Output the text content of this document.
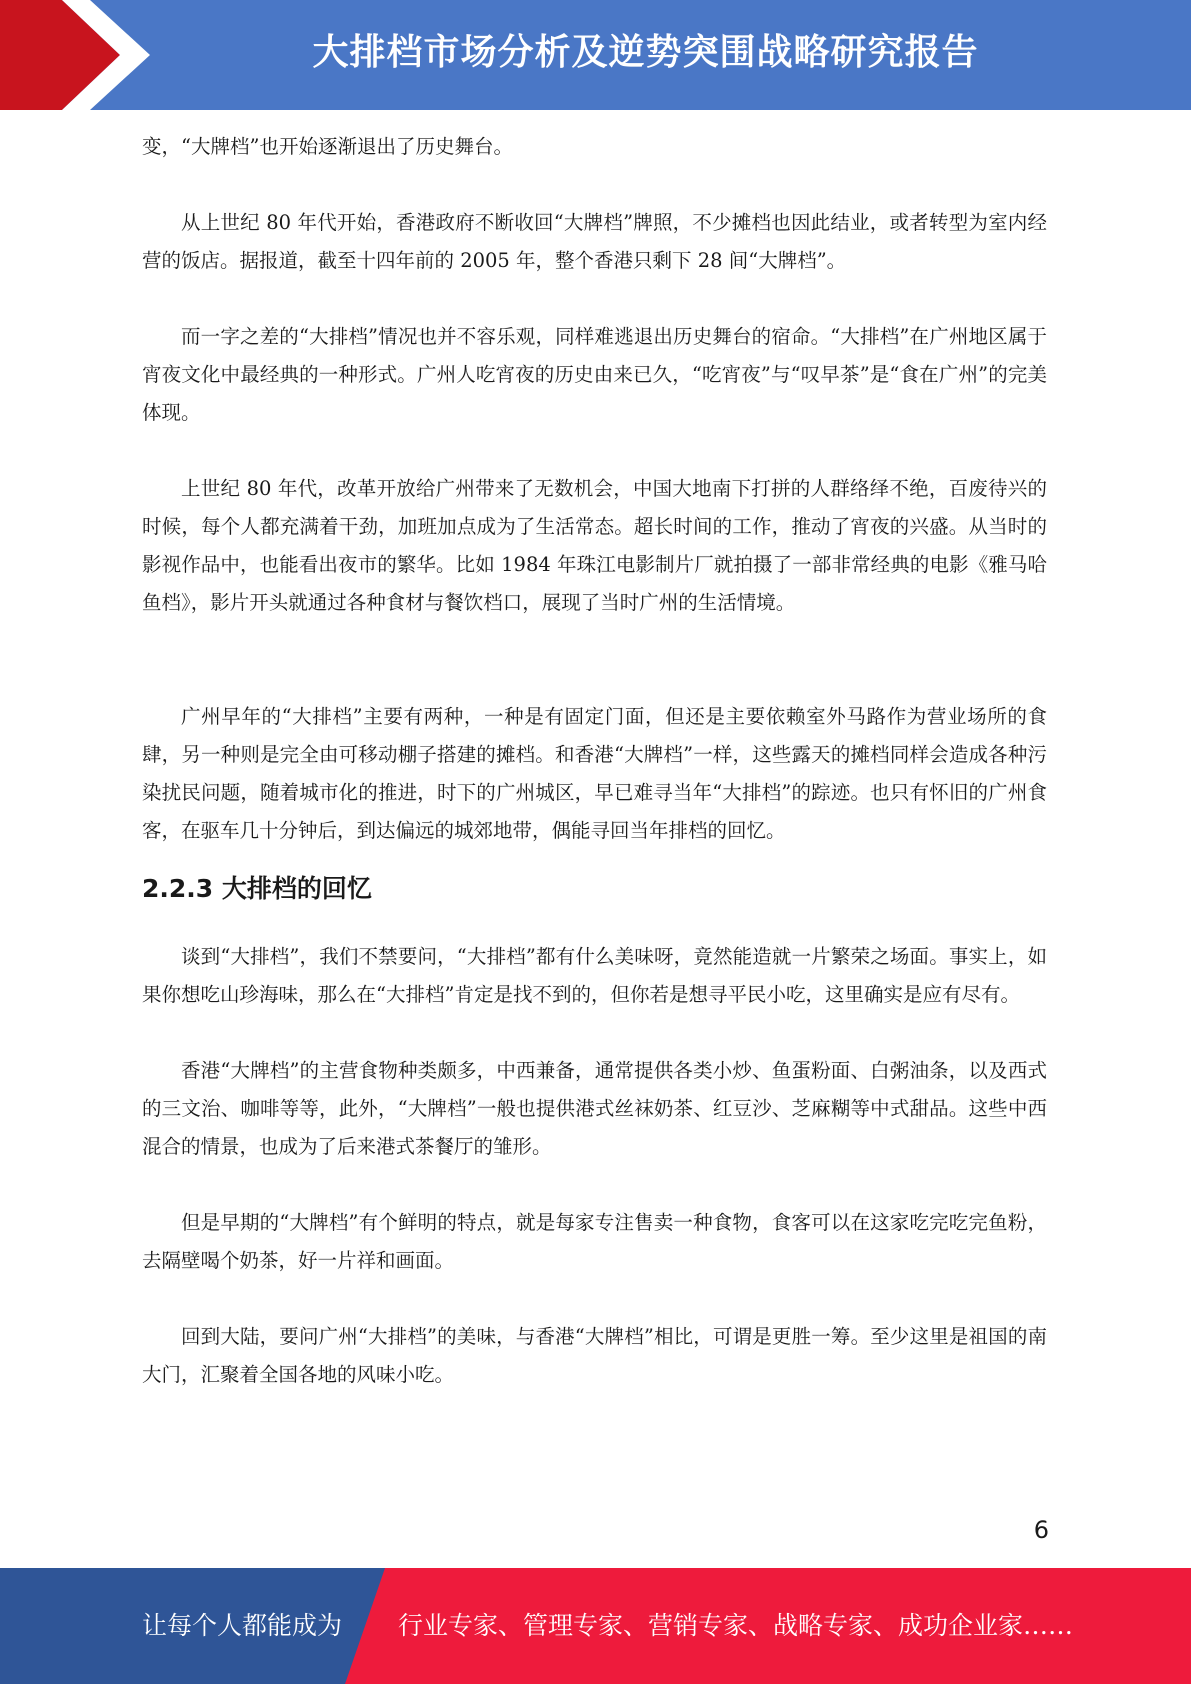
大排档市场分析及逆势突围战略研究报告

变，“大牌档”也开始逐渐退出了历史舞台。

从上世纪 80 年代开始，香港政府不断收回“大牌档”牌照，不少摊档也因此结业，或者转型为室内经营的饭店。据报道，截至十四年前的 2005 年，整个香港只剩下 28 间“大牌档”。

而一字之差的“大排档”情况也并不容乐观，同样难逃退出历史舞台的宿命。“大排档”在广州地区属于宵夜文化中最经典的一种形式。广州人吃宵夜的历史由来已久，“吃宵夜”与“叹早茶”是“食在广州”的完美体现。

上世纪 80 年代，改革开放给广州带来了无数机会，中国大地南下打拼的人群络绎不绝，百废待兴的时候，每个人都充满着干劲，加班加点成为了生活常态。超长时间的工作，推动了宵夜的兴盛。从当时的影视作品中，也能看出夜市的繁华。比如 1984 年珠江电影制片厂就拍摄了一部非常经典的电影《雅马哈鱼档》，影片开头就通过各种食材与餐饮档口，展现了当时广州的生活情境。

广州早年的“大排档”主要有两种，一种是有固定门面，但还是主要依赖室外马路作为营业场所的食肆，另一种则是完全由可移动棚子搭建的摊档。和香港“大牌档”一样，这些露天的摊档同样会造成各种污染扰民问题，随着城市化的推进，时下的广州城区，早已难寻当年“大排档”的踪迹。也只有怀旧的广州食客，在驱车几十分钟后，到达偏远的城郊地带，偶能寻回当年排档的回忆。

2.2.3 大排档的回忆

谈到“大排档”，我们不禁要问，“大排档”都有什么美味呀，竟然能造就一片繁荣之场面。事实上，如果你想吃山珍海味，那么在“大排档”肯定是找不到的，但你若是想寻平民小吃，这里确实是应有尽有。

香港“大牌档”的主营食物种类颇多，中西兼备，通常提供各类小炒、鱼蛋粉面、白粥油条，以及西式的三文治、咖啡等等，此外，“大牌档”一般也提供港式丝袜奶茶、红豆沙、芝麻糊等中式甜品。这些中西混合的情景，也成为了后来港式茶餐厅的雏形。

但是早期的“大牌档”有个鲜明的特点，就是每家专注售卖一种食物，食客可以在这家吃完吃完鱼粉，去隔壁喝个奶茶，好一片祥和画面。

回到大陆，要问广州“大排档”的美味，与香港“大牌档”相比，可谓是更胜一筹。至少这里是祖国的南大门，汇聚着全国各地的风味小吃。

6
让每个人都能成为 行业专家、管理专家、营销专家、战略专家、成功企业家……
